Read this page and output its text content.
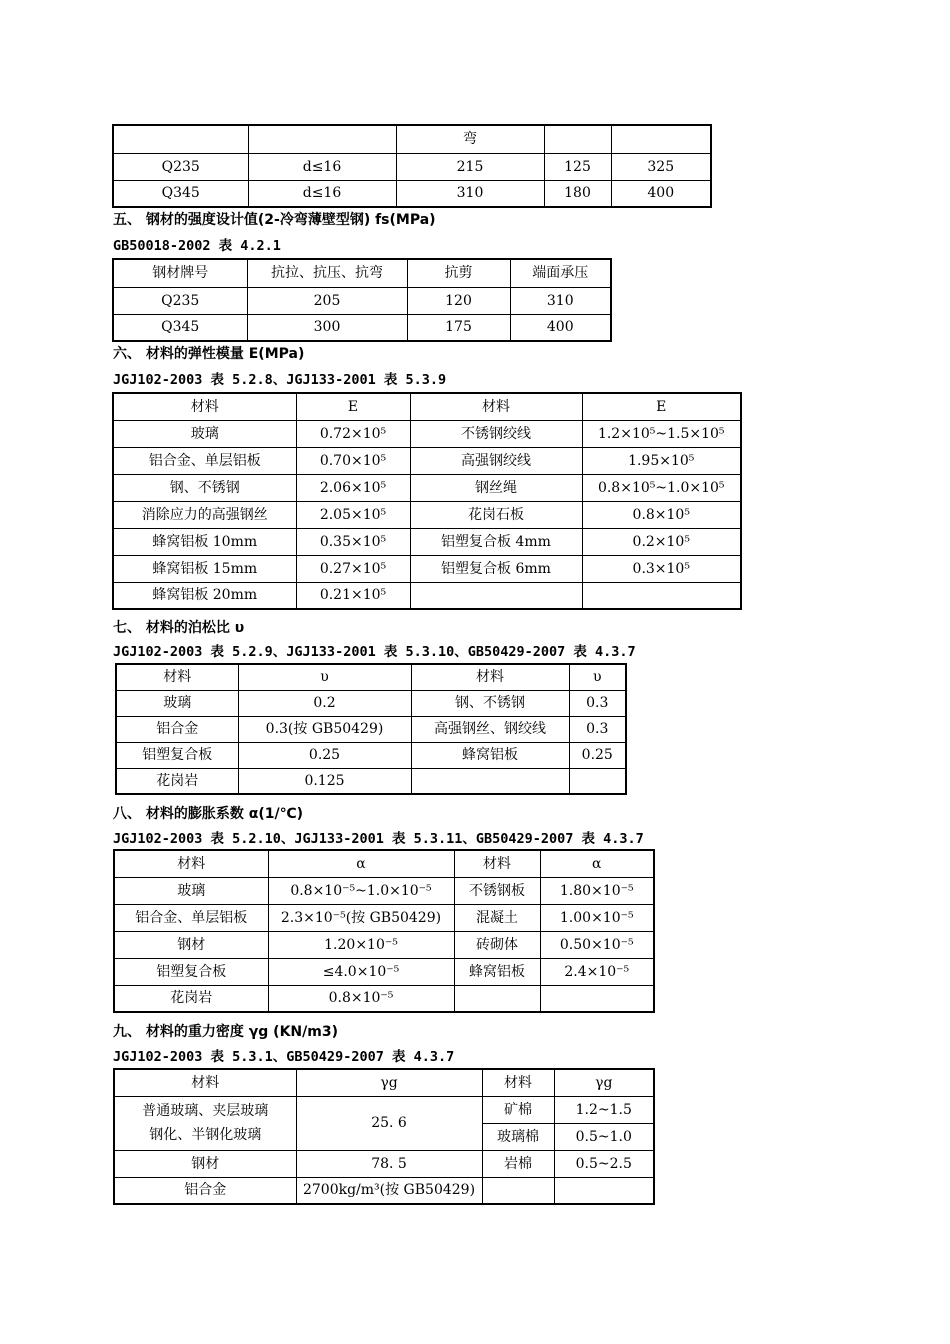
		弯		
Q235	d≤16	215	125	325
Q345	d≤16	310	180	400
五、 钢材的强度设计值(2-冷弯薄壁型钢) fs(MPa)
GB50018-2002 表 4.2.1
钢材牌号	抗拉、抗压、抗弯	抗剪	端面承压
Q235	205	120	310
Q345	300	175	400
六、 材料的弹性模量 E(MPa)
JGJ102-2003 表 5.2.8、JGJ133-2001 表 5.3.9
材料	E	材料	E
玻璃	0.72×10⁵	不锈钢绞线	1.2×10⁵~1.5×10⁵
铝合金、单层铝板	0.70×10⁵	高强钢绞线	1.95×10⁵
钢、不锈钢	2.06×10⁵	钢丝绳	0.8×10⁵~1.0×10⁵
消除应力的高强钢丝	2.05×10⁵	花岗石板	0.8×10⁵
蜂窝铝板 10mm	0.35×10⁵	铝塑复合板 4mm	0.2×10⁵
蜂窝铝板 15mm	0.27×10⁵	铝塑复合板 6mm	0.3×10⁵
蜂窝铝板 20mm	0.21×10⁵		
七、 材料的泊松比 υ
JGJ102-2003 表 5.2.9、JGJ133-2001 表 5.3.10、GB50429-2007 表 4.3.7
材料	υ	材料	υ
玻璃	0.2	钢、不锈钢	0.3
铝合金	0.3(按 GB50429)	高强钢丝、钢绞线	0.3
铝塑复合板	0.25	蜂窝铝板	0.25
花岗岩	0.125		
八、 材料的膨胀系数 α(1/℃)
JGJ102-2003 表 5.2.10、JGJ133-2001 表 5.3.11、GB50429-2007 表 4.3.7
材料	α	材料	α
玻璃	0.8×10⁻⁵~1.0×10⁻⁵	不锈钢板	1.80×10⁻⁵
铝合金、单层铝板	2.3×10⁻⁵(按 GB50429)	混凝土	1.00×10⁻⁵
钢材	1.20×10⁻⁵	砖砌体	0.50×10⁻⁵
铝塑复合板	≤4.0×10⁻⁵	蜂窝铝板	2.4×10⁻⁵
花岗岩	0.8×10⁻⁵		
九、 材料的重力密度 γg (KN/m3)
JGJ102-2003 表 5.3.1、GB50429-2007 表 4.3.7
材料	γg	材料	γg

普通玻璃、夹层玻璃
钢化、半钢化玻璃	25. 6	矿棉	1.2~1.5
		玻璃棉	0.5~1.0
钢材	78. 5	岩棉	0.5~2.5
铝合金	2700kg/m³(按 GB50429)		
